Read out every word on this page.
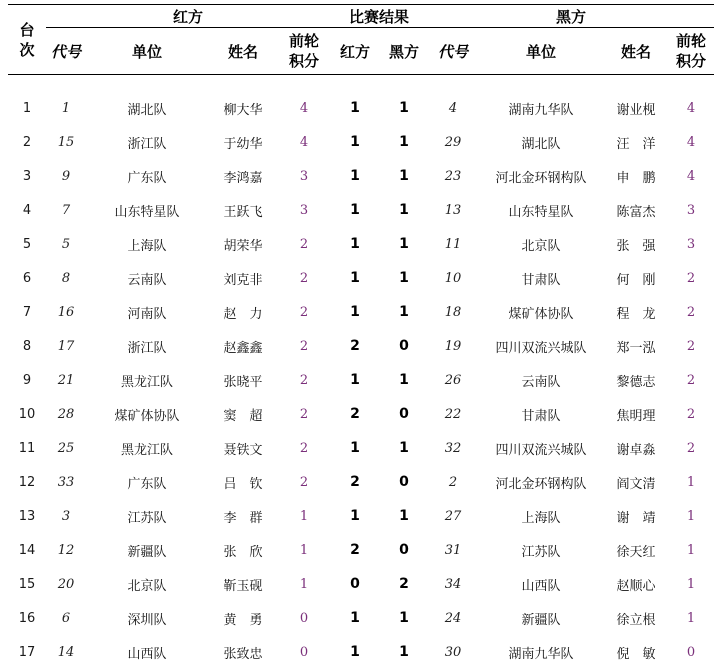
台次	红方				比赛结果		黑方			
	代号	单位	姓名	前轮积分	红方	黑方	代号	单位	姓名	前轮积分

1	1	湖北队	柳大华	4	1	1	4	湖南九华队	谢业枧	4
2	15	浙江队	于幼华	4	1	1	29	湖北队	汪　洋	4
3	9	广东队	李鸿嘉	3	1	1	23	河北金环钢构队	申　鹏	4
4	7	山东特星队	王跃飞	3	1	1	13	山东特星队	陈富杰	3
5	5	上海队	胡荣华	2	1	1	11	北京队	张　强	3
6	8	云南队	刘克非	2	1	1	10	甘肃队	何　刚	2
7	16	河南队	赵　力	2	1	1	18	煤矿体协队	程　龙	2
8	17	浙江队	赵鑫鑫	2	2	0	19	四川双流兴城队	郑一泓	2
9	21	黑龙江队	张晓平	2	1	1	26	云南队	黎德志	2
10	28	煤矿体协队	窦　超	2	2	0	22	甘肃队	焦明理	2
11	25	黑龙江队	聂铁文	2	1	1	32	四川双流兴城队	谢卓淼	2
12	33	广东队	吕　钦	2	2	0	2	河北金环钢构队	阎文清	1
13	3	江苏队	李　群	1	1	1	27	上海队	谢　靖	1
14	12	新疆队	张　欣	1	2	0	31	江苏队	徐天红	1
15	20	北京队	靳玉砚	1	0	2	34	山西队	赵顺心	1
16	6	深圳队	黄　勇	0	1	1	24	新疆队	徐立根	1
17	14	山西队	张致忠	0	1	1	30	湖南九华队	倪　敏	0
